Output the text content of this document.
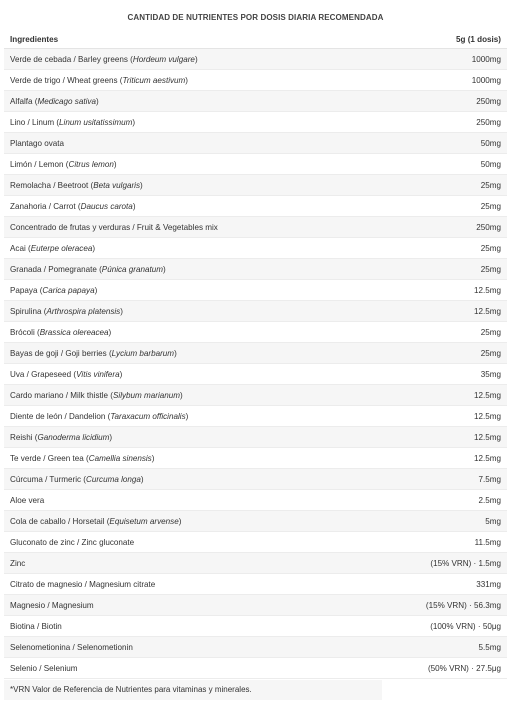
CANTIDAD DE NUTRIENTES POR DOSIS DIARIA RECOMENDADA
Ingredientes	5g (1 dosis)
Verde de cebada / Barley greens (Hordeum vulgare)	1000mg
Verde de trigo / Wheat greens (Triticum aestivum)	1000mg
Alfalfa (Medicago sativa)	250mg
Lino / Linum (Linum usitatissimum)	250mg
Plantago ovata	50mg
Limón / Lemon (Citrus lemon)	50mg
Remolacha / Beetroot (Beta vulgaris)	25mg
Zanahoria / Carrot (Daucus carota)	25mg
Concentrado de frutas y verduras / Fruit & Vegetables mix	250mg
Acai (Euterpe oleracea)	25mg
Granada / Pomegranate (Púnica granatum)	25mg
Papaya (Carica papaya)	12.5mg
Spirulina (Arthrospira platensis)	12.5mg
Brócoli (Brassica olereacea)	25mg
Bayas de goji / Goji berries (Lycium barbarum)	25mg
Uva / Grapeseed (Vitis vinifera)	35mg
Cardo mariano / Milk thistle (Silybum marianum)	12.5mg
Diente de león / Dandelion (Taraxacum officinalis)	12.5mg
Reishi (Ganoderma licidium)	12.5mg
Te verde / Green tea (Camellia sinensis)	12.5mg
Cúrcuma / Turmeric (Curcuma longa)	7.5mg
Aloe vera	2.5mg
Cola de caballo / Horsetail (Equisetum arvense)	5mg
Gluconato de zinc / Zinc gluconate	11.5mg
Zinc	(15% VRN) · 1.5mg
Citrato de magnesio / Magnesium citrate	331mg
Magnesio / Magnesium	(15% VRN) · 56.3mg
Biotina / Biotin	(100% VRN) · 50μg
Selenometionina / Selenometionin	5.5mg
Selenio / Selenium	(50% VRN) · 27.5μg
*VRN Valor de Referencia de Nutrientes para vitaminas y minerales.
